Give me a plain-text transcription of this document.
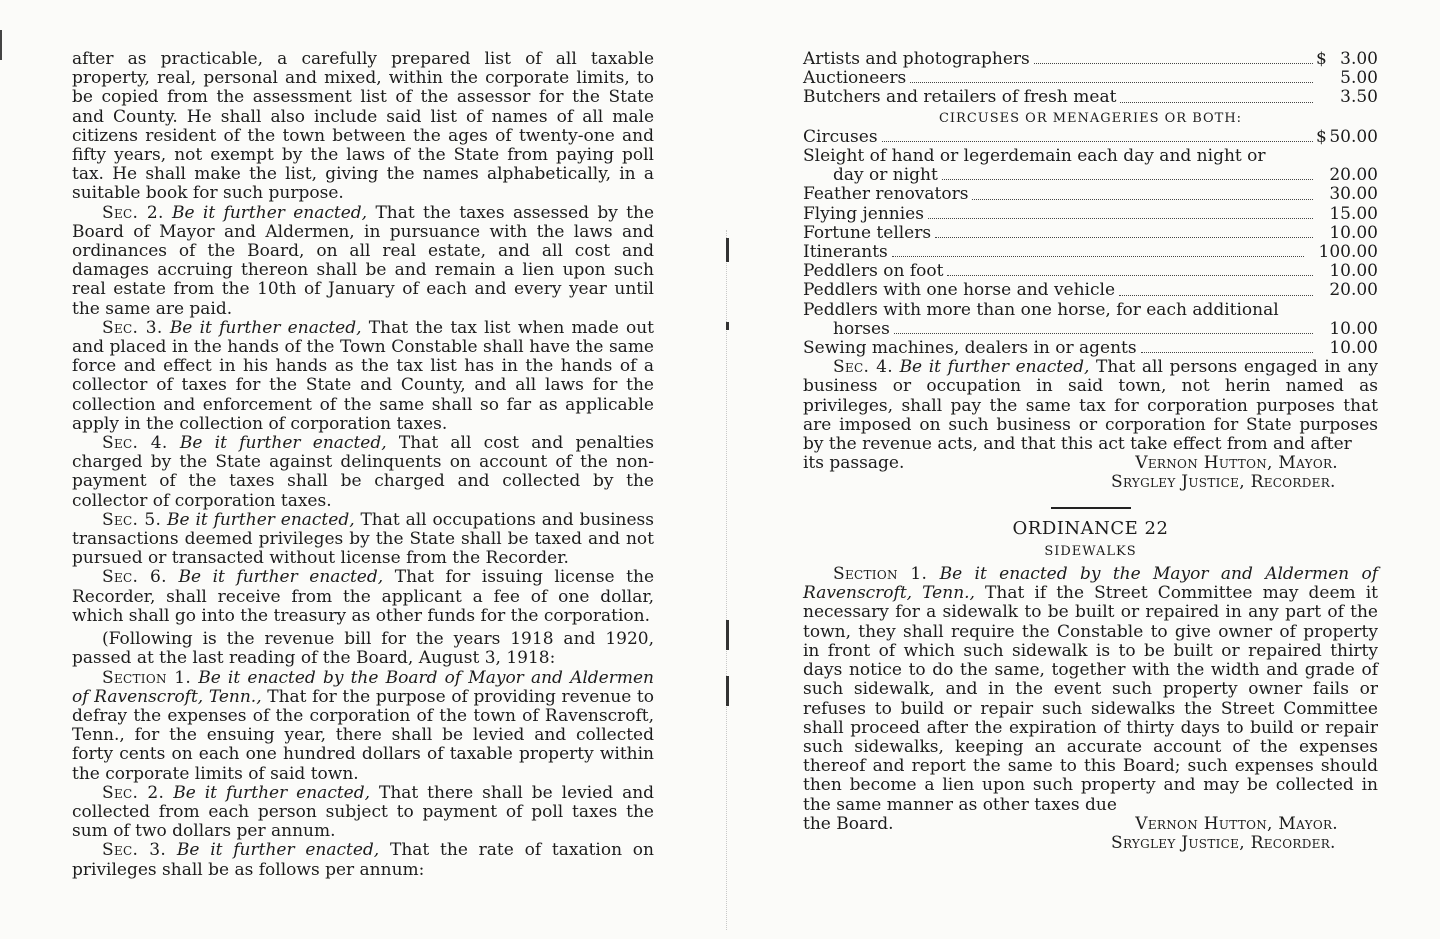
after as practicable, a carefully prepared list of all taxable property, real, personal and mixed, within the corporate limits, to be copied from the assessment list of the assessor for the State and County. He shall also include said list of names of all male citizens resident of the town between the ages of twenty-one and fifty years, not exempt by the laws of the State from paying poll tax. He shall make the list, giving the names alphabetically, in a suitable book for such purpose.

Sec. 2. Be it further enacted, That the taxes assessed by the Board of Mayor and Aldermen, in pursuance with the laws and ordinances of the Board, on all real estate, and all cost and damages accruing thereon shall be and remain a lien upon such real estate from the 10th of January of each and every year until the same are paid.

Sec. 3. Be it further enacted, That the tax list when made out and placed in the hands of the Town Constable shall have the same force and effect in his hands as the tax list has in the hands of a collector of taxes for the State and County, and all laws for the collection and enforcement of the same shall so far as applicable apply in the collection of corporation taxes.

Sec. 4. Be it further enacted, That all cost and penalties charged by the State against delinquents on account of the non-payment of the taxes shall be charged and collected by the collector of corporation taxes.

Sec. 5. Be it further enacted, That all occupations and business transactions deemed privileges by the State shall be taxed and not pursued or transacted without license from the Recorder.

Sec. 6. Be it further enacted, That for issuing license the Recorder, shall receive from the applicant a fee of one dollar, which shall go into the treasury as other funds for the corporation.

(Following is the revenue bill for the years 1918 and 1920, passed at the last reading of the Board, August 3, 1918:

Section 1. Be it enacted by the Board of Mayor and Aldermen of Ravenscroft, Tenn., That for the purpose of providing revenue to defray the expenses of the corporation of the town of Ravenscroft, Tenn., for the ensuing year, there shall be levied and collected forty cents on each one hundred dollars of taxable property within the corporate limits of said town.

Sec. 2. Be it further enacted, That there shall be levied and collected from each person subject to payment of poll taxes the sum of two dollars per annum.

Sec. 3. Be it further enacted, That the rate of taxation on privileges shall be as follows per annum:

Artists and photographers	$ 3.00
Auctioneers	5.00
Butchers and retailers of fresh meat	3.50
CIRCUSES OR MENAGERIES OR BOTH:
Circuses	$ 50.00
Sleight of hand or legerdemain each day and night or
day or night	20.00
Feather renovators	30.00
Flying jennies	15.00
Fortune tellers	10.00
Itinerants	100.00
Peddlers on foot	10.00
Peddlers with one horse and vehicle	20.00
Peddlers with more than one horse, for each additional
horses	10.00
Sewing machines, dealers in or agents	10.00

Sec. 4. Be it further enacted, That all persons engaged in any business or occupation in said town, not herin named as privileges, shall pay the same tax for corporation purposes that are imposed on such business or corporation for State purposes by the revenue acts, and that this act take effect from and after

its passage.	Vernon Hutton, Mayor.
Srygley Justice, Recorder.
ORDINANCE 22
SIDEWALKS

Section 1. Be it enacted by the Mayor and Aldermen of Ravenscroft, Tenn., That if the Street Committee may deem it necessary for a sidewalk to be built or repaired in any part of the town, they shall require the Constable to give owner of property in front of which such sidewalk is to be built or repaired thirty days notice to do the same, together with the width and grade of such sidewalk, and in the event such property owner fails or refuses to build or repair such sidewalks the Street Committee shall proceed after the expiration of thirty days to build or repair such sidewalks, keeping an accurate account of the expenses thereof and report the same to this Board; such expenses should then become a lien upon such property and may be collected in the same manner as other taxes due

the Board.	Vernon Hutton, Mayor.
Srygley Justice, Recorder.
